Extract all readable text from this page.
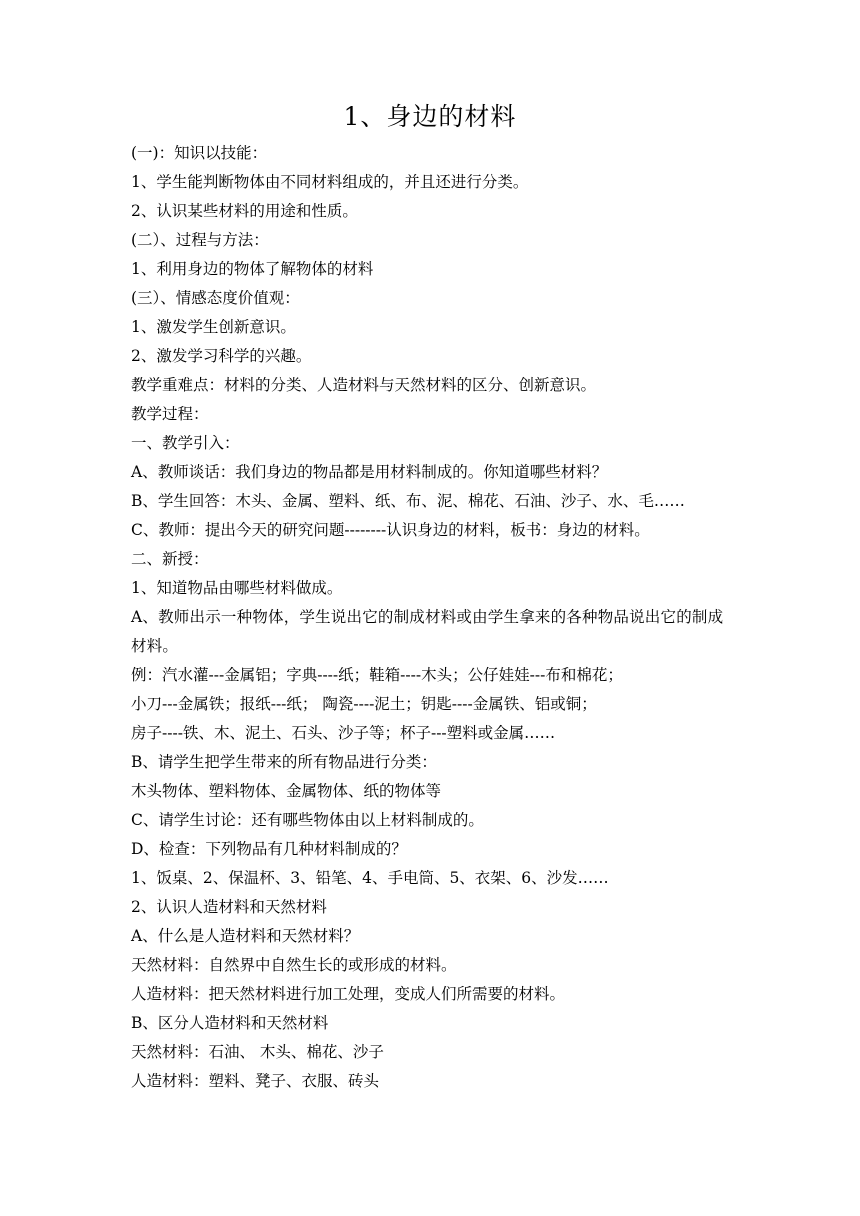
1、身边的材料
(一)：知识以技能：
1、学生能判断物体由不同材料组成的，并且还进行分类。
2、认识某些材料的用途和性质。
(二）、过程与方法：
1、利用身边的物体了解物体的材料
(三）、情感态度价值观：
1、激发学生创新意识。
2、激发学习科学的兴趣。
教学重难点：材料的分类、人造材料与天然材料的区分、创新意识。
教学过程：
一、教学引入：
A、教师谈话：我们身边的物品都是用材料制成的。你知道哪些材料？
B、学生回答：木头、金属、塑料、纸、布、泥、棉花、石油、沙子、水、毛……
C、教师：提出今天的研究问题--------认识身边的材料，板书：身边的材料。
二、新授：
1、知道物品由哪些材料做成。
A、教师出示一种物体，学生说出它的制成材料或由学生拿来的各种物品说出它的制成材料。
例：汽水灌---金属铝；字典----纸；鞋箱----木头；公仔娃娃---布和棉花；
小刀---金属铁；报纸---纸； 陶瓷----泥土；钥匙----金属铁、铝或铜；
房子----铁、木、泥土、石头、沙子等；杯子---塑料或金属……
B、请学生把学生带来的所有物品进行分类：
木头物体、塑料物体、金属物体、纸的物体等
C、请学生讨论：还有哪些物体由以上材料制成的。
D、检查：下列物品有几种材料制成的？
1、饭桌、2、保温杯、3、铅笔、4、手电筒、5、衣架、6、沙发……
2、认识人造材料和天然材料
A、什么是人造材料和天然材料？
天然材料：自然界中自然生长的或形成的材料。
人造材料：把天然材料进行加工处理，变成人们所需要的材料。
B、区分人造材料和天然材料
天然材料：石油、 木头、棉花、沙子
人造材料：塑料、凳子、衣服、砖头
